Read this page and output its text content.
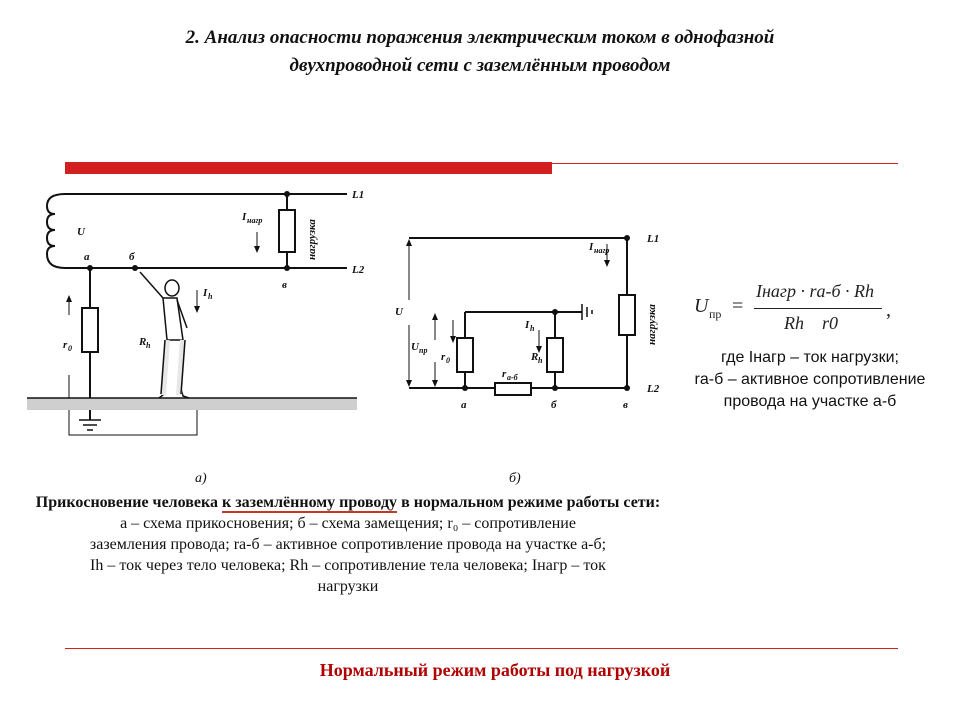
2. Анализ опасности поражения электрическим током в однофазной
двухпроводной сети с заземлённым проводом
L1
L2
U
а	б
в
I нагр	нагрузка
I h
r 0
R h
а)
L1
L2
U
U пр
I нагр
нагрузка
I h
r 0	R h
r а-б
а	б	в
б)
Прикосновение человека к заземлённому проводу в нормальном режиме работы сети:
а – схема прикосновения; б – схема замещения; r₀ – сопротивление
заземления провода; rа-б – активное сопротивление провода на участке а-б;
Ih – ток через тело человека; Rh – сопротивление тела человека; Iнагр – ток
нагрузки
U пр =
Iнагр · rа-б · Rh
Rh    r0
,
где Iнагр – ток нагрузки;
rа-б – активное сопротивление
провода на участке а-б
Нормальный режим работы под нагрузкой
